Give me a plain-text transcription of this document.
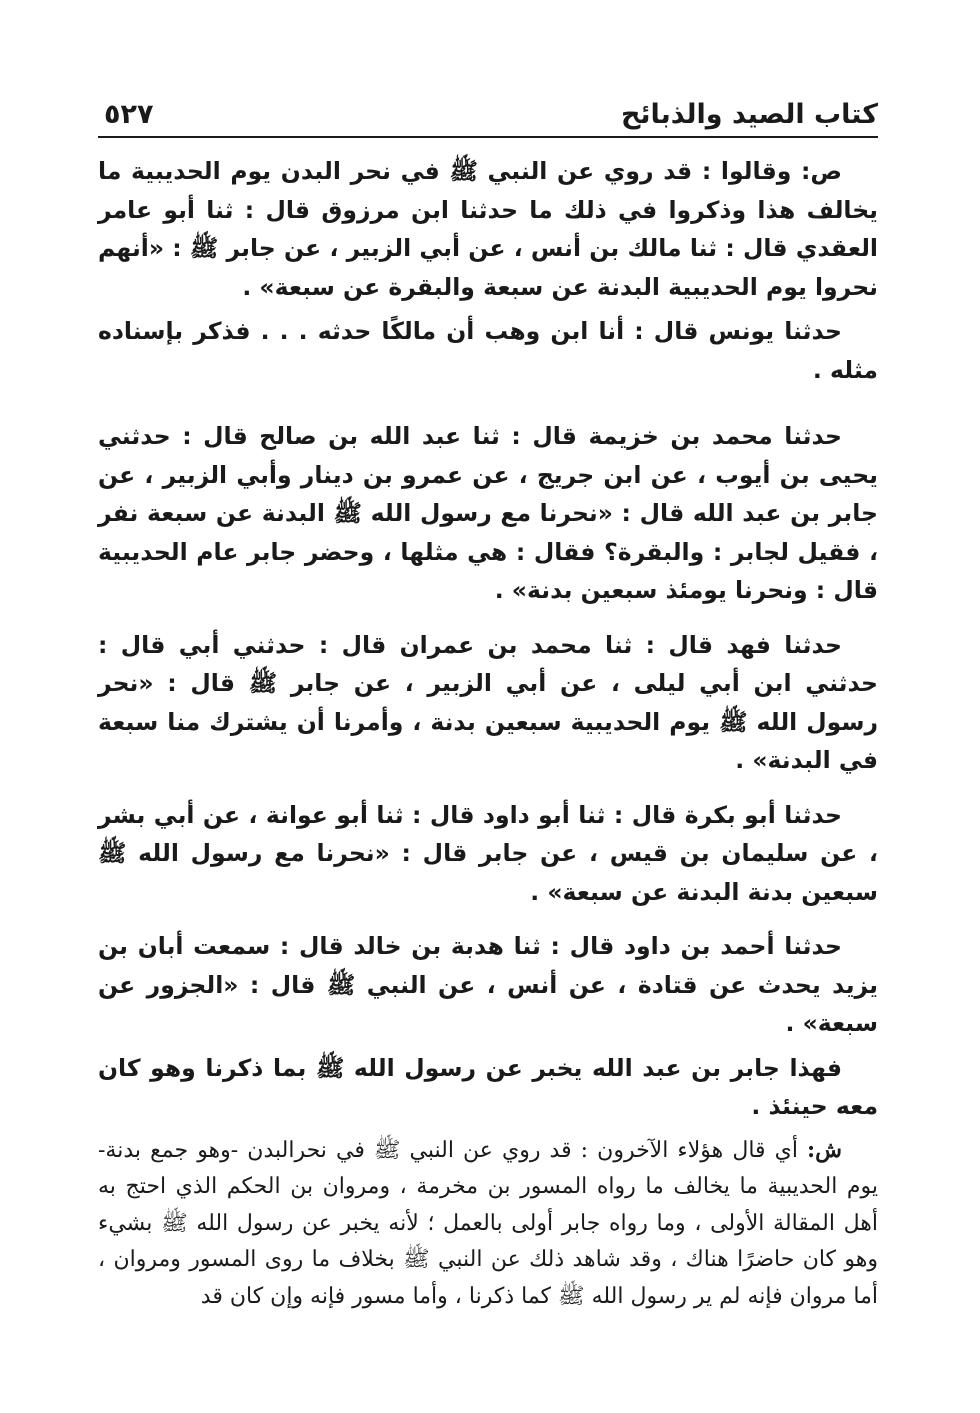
كتاب الصيد والذبائح
٥٢٧

ص: وقالوا : قد روي عن النبي ﷺ في نحر البدن يوم الحديبية ما يخالف هذا وذكروا في ذلك ما حدثنا ابن مرزوق قال : ثنا أبو عامر العقدي قال : ثنا مالك بن أنس ، عن أبي الزبير ، عن جابر ﷺ : «أنهم نحروا يوم الحديبية البدنة عن سبعة والبقرة عن سبعة» .

حدثنا يونس قال : أنا ابن وهب أن مالكًا حدثه . . . فذكر بإسناده مثله .

حدثنا محمد بن خزيمة قال : ثنا عبد الله بن صالح قال : حدثني يحيى بن أيوب ، عن ابن جريج ، عن عمرو بن دينار وأبي الزبير ، عن جابر بن عبد الله قال : «نحرنا مع رسول الله ﷺ البدنة عن سبعة نفر ، فقيل لجابر : والبقرة؟ فقال : هي مثلها ، وحضر جابر عام الحديبية قال : ونحرنا يومئذ سبعين بدنة» .

حدثنا فهد قال : ثنا محمد بن عمران قال : حدثني أبي قال : حدثني ابن أبي ليلى ، عن أبي الزبير ، عن جابر ﷺ قال : «نحر رسول الله ﷺ يوم الحديبية سبعين بدنة ، وأمرنا أن يشترك منا سبعة في البدنة» .

حدثنا أبو بكرة قال : ثنا أبو داود قال : ثنا أبو عوانة ، عن أبي بشر ، عن سليمان بن قيس ، عن جابر قال : «نحرنا مع رسول الله ﷺ سبعين بدنة البدنة عن سبعة» .

حدثنا أحمد بن داود قال : ثنا هدبة بن خالد قال : سمعت أبان بن يزيد يحدث عن قتادة ، عن أنس ، عن النبي ﷺ قال : «الجزور عن سبعة» .

فهذا جابر بن عبد الله يخبر عن رسول الله ﷺ بما ذكرنا وهو كان معه حينئذ .

ش: أي قال هؤلاء الآخرون : قد روي عن النبي ﷺ في نحرالبدن -وهو جمع بدنة- يوم الحديبية ما يخالف ما رواه المسور بن مخرمة ، ومروان بن الحكم الذي احتج به أهل المقالة الأولى ، وما رواه جابر أولى بالعمل ؛ لأنه يخبر عن رسول الله ﷺ بشيء وهو كان حاضرًا هناك ، وقد شاهد ذلك عن النبي ﷺ بخلاف ما روى المسور ومروان ، أما مروان فإنه لم ير رسول الله ﷺ كما ذكرنا ، وأما مسور فإنه وإن كان قد
